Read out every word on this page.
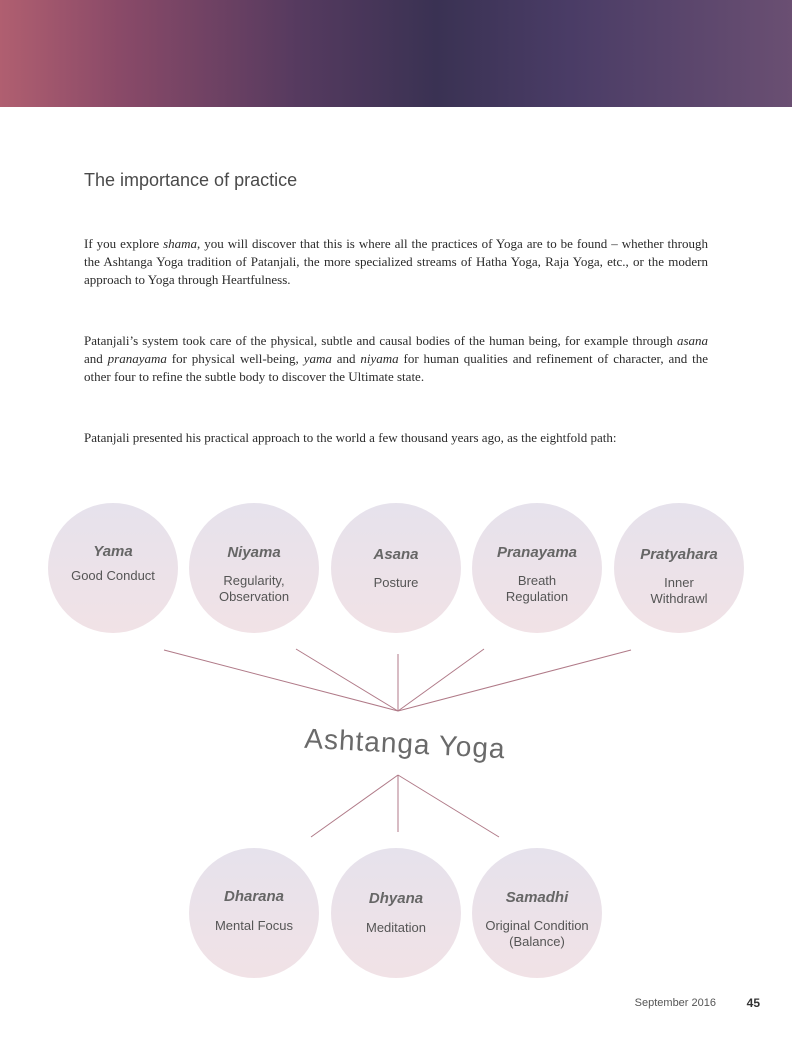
The importance of practice

If you explore shama, you will discover that this is where all the practices of Yoga are to be found – whether through the Ashtanga Yoga tradition of Patanjali, the more specialized streams of Hatha Yoga, Raja Yoga, etc., or the modern approach to Yoga through Heartfulness.

Patanjali’s system took care of the physical, subtle and causal bodies of the human being, for example through asana and pranayama for physical well-being, yama and niyama for human qualities and refinement of character, and the other four to refine the subtle body to discover the Ultimate state.

Patanjali presented his practical approach to the world a few thousand years ago, as the eightfold path:

Yama
Good Conduct
Niyama
Regularity,
Observation
Asana
Posture
Pranayama
Breath
Regulation
Pratyahara
Inner
Withdrawl
Ashtanga Yoga
Dharana
Mental Focus
Dhyana
Meditation
Samadhi
Original Condition
(Balance)
September 2016	45
